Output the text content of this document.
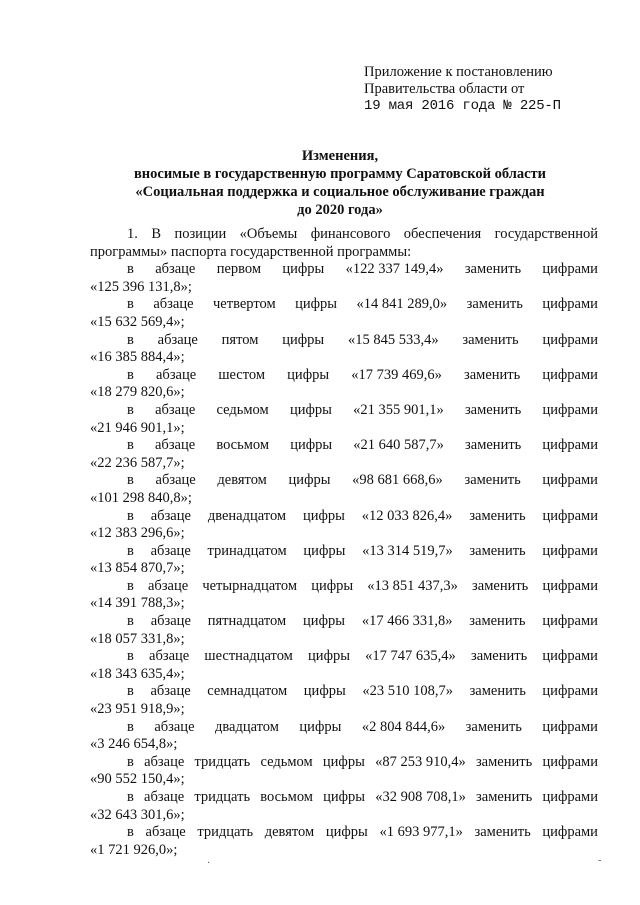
Приложение к постановлению
Правительства области от
19 мая 2016 года № 225-П
Изменения,
вносимые в государственную программу Саратовской области
«Социальная поддержка и социальное обслуживание граждан
до 2020 года»
1. В позиции «Объемы финансового обеспечения государственной
программы» паспорта государственной программы:
в абзаце первом цифры «122 337 149,4» заменить цифрами
«125 396 131,8»;
в абзаце четвертом цифры «14 841 289,0» заменить цифрами
«15 632 569,4»;
в абзаце пятом цифры «15 845 533,4» заменить цифрами
«16 385 884,4»;
в абзаце шестом цифры «17 739 469,6» заменить цифрами
«18 279 820,6»;
в абзаце седьмом цифры «21 355 901,1» заменить цифрами
«21 946 901,1»;
в абзаце восьмом цифры «21 640 587,7» заменить цифрами
«22 236 587,7»;
в абзаце девятом цифры «98 681 668,6» заменить цифрами
«101 298 840,8»;
в абзаце двенадцатом цифры «12 033 826,4» заменить цифрами
«12 383 296,6»;
в абзаце тринадцатом цифры «13 314 519,7» заменить цифрами
«13 854 870,7»;
в абзаце четырнадцатом цифры «13 851 437,3» заменить цифрами
«14 391 788,3»;
в абзаце пятнадцатом цифры «17 466 331,8» заменить цифрами
«18 057 331,8»;
в абзаце шестнадцатом цифры «17 747 635,4» заменить цифрами
«18 343 635,4»;
в абзаце семнадцатом цифры «23 510 108,7» заменить цифрами
«23 951 918,9»;
в абзаце двадцатом цифры «2 804 844,6» заменить цифрами
«3 246 654,8»;
в абзаце тридцать седьмом цифры «87 253 910,4» заменить цифрами
«90 552 150,4»;
в абзаце тридцать восьмом цифры «32 908 708,1» заменить цифрами
«32 643 301,6»;
в абзаце тридцать девятом цифры «1 693 977,1» заменить цифрами
«1 721 926,0»;
·	-
